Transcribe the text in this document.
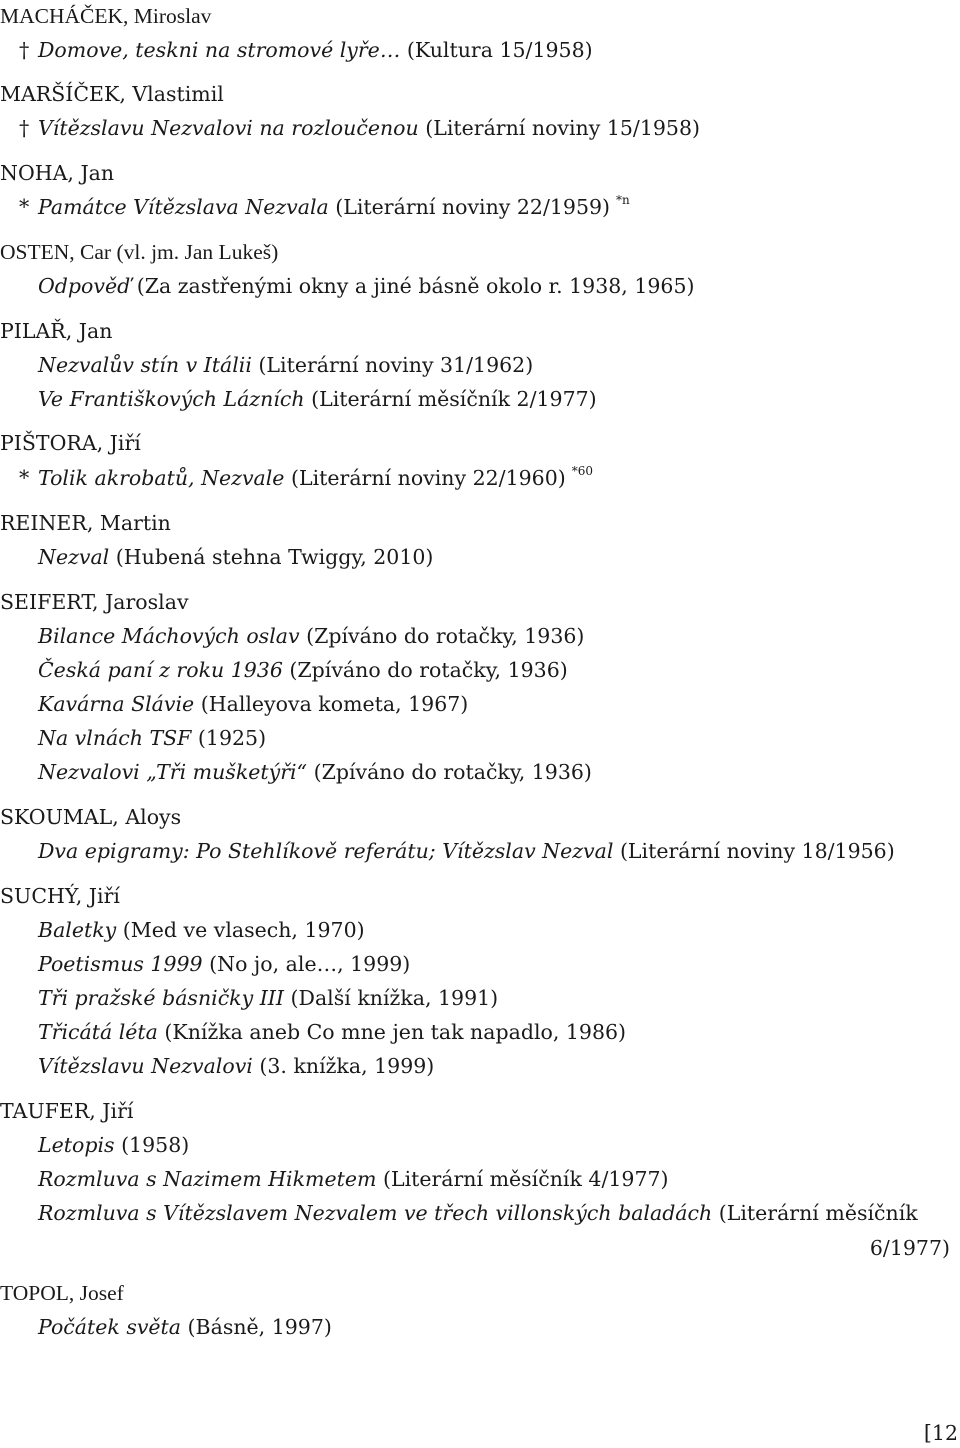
MACHÁČEK, Miroslav
† Domove, teskni na stromové lyře… (Kultura 15/1958)
MARŠÍČEK, Vlastimil
† Vítězslavu Nezvalovi na rozloučenou (Literární noviny 15/1958)
NOHA, Jan
* Památce Vítězslava Nezvala (Literární noviny 22/1959) $^{*n}$
OSTEN, Car (vl. jm. Jan Lukeš)
Odpověď (Za zastřenými okny a jiné básně okolo r. 1938, 1965)
PILAŘ, Jan
Nezvalův stín v Itálii (Literární noviny 31/1962)
Ve Františkových Lázních (Literární měsíčník 2/1977)
PIŠTORA, Jiří
* Tolik akrobatů, Nezvale (Literární noviny 22/1960) $^{*60}$
REINER, Martin
Nezval (Hubená stehna Twiggy, 2010)
SEIFERT, Jaroslav
Bilance Máchových oslav (Zpíváno do rotačky, 1936)
Česká paní z roku 1936 (Zpíváno do rotačky, 1936)
Kavárna Slávie (Halleyova kometa, 1967)
Na vlnách TSF (1925)
Nezvalovi „Tři mušketýři“ (Zpíváno do rotačky, 1936)
SKOUMAL, Aloys
Dva epigramy: Po Stehlíkově referátu; Vítězslav Nezval (Literární noviny 18/1956)
SUCHÝ, Jiří
Baletky (Med ve vlasech, 1970)
Poetismus 1999 (No jo, ale…, 1999)
Tři pražské básničky III (Další knížka, 1991)
Třicátá léta (Knížka aneb Co mne jen tak napadlo, 1986)
Vítězslavu Nezvalovi (3. knížka, 1999)
TAUFER, Jiří
Letopis (1958)
Rozmluva s Nazimem Hikmetem (Literární měsíčník 4/1977)
Rozmluva s Vítězslavem Nezvalem ve třech villonských baladách (Literární měsíčník
6/1977)
TOPOL, Josef
Počátek světa (Básně, 1997)
[12
